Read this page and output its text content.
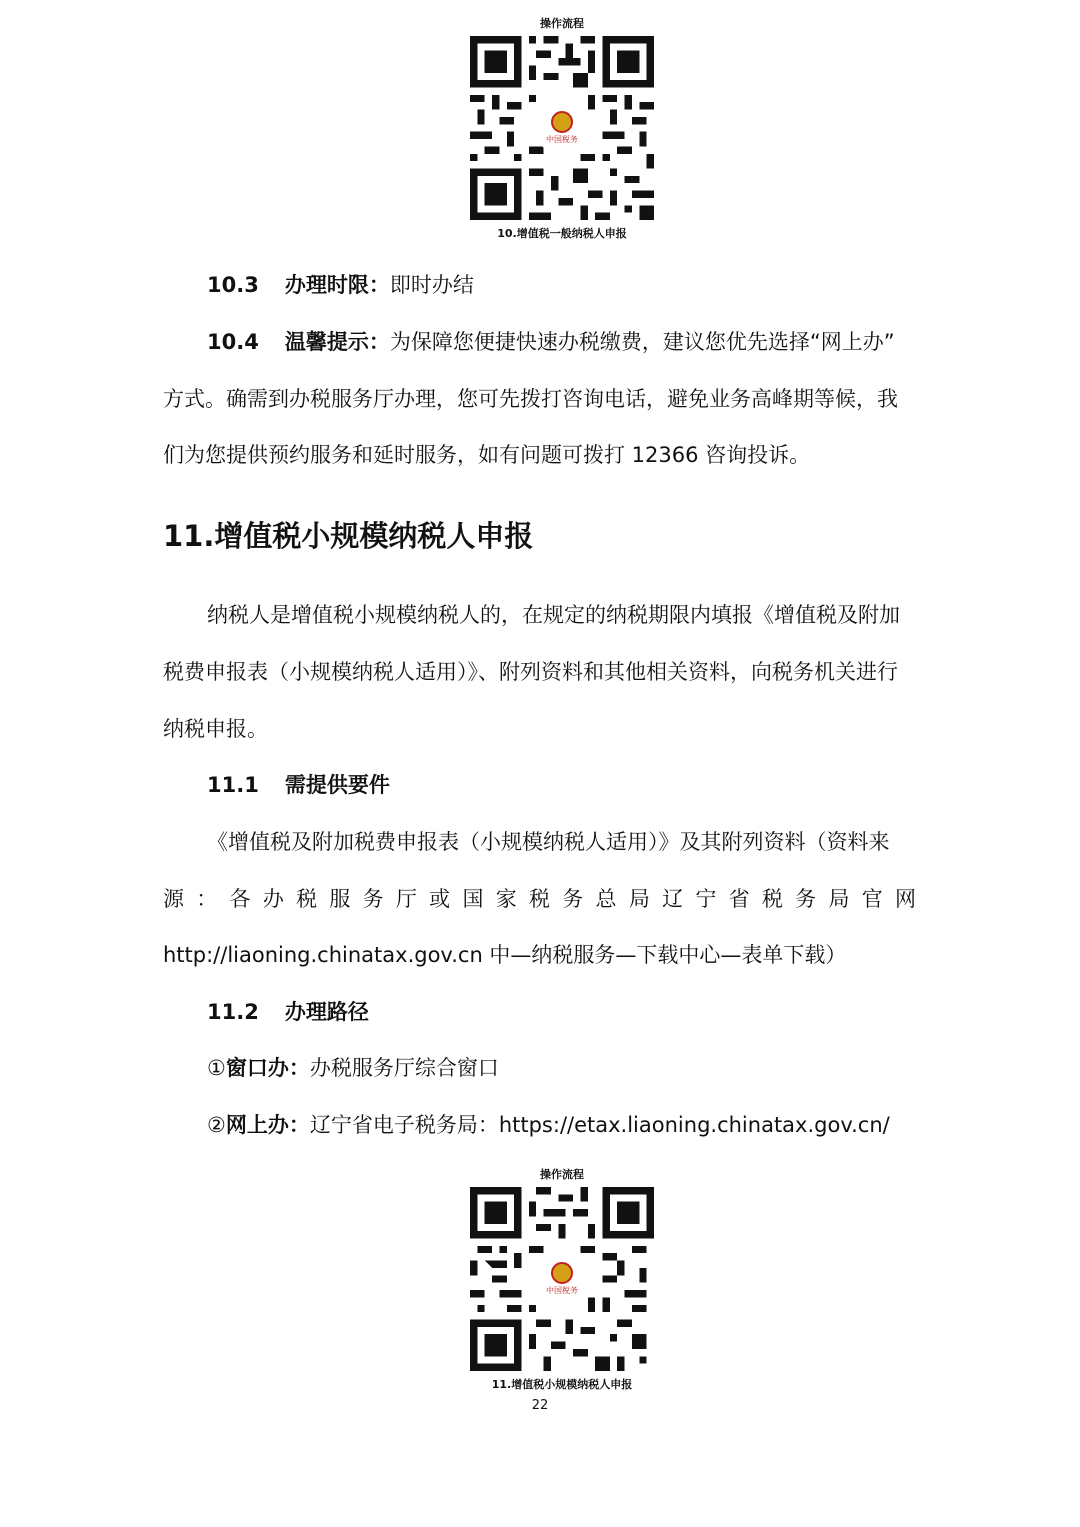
操作流程
中国税务
10.增值税一般纳税人申报
10.3 办理时限：即时办结
10.4 温馨提示：为保障您便捷快速办税缴费，建议您优先选择“网上办”
方式。确需到办税服务厅办理，您可先拨打咨询电话，避免业务高峰期等候，我
们为您提供预约服务和延时服务，如有问题可拨打 12366 咨询投诉。
11.增值税小规模纳税人申报
纳税人是增值税小规模纳税人的，在规定的纳税期限内填报《增值税及附加
税费申报表（小规模纳税人适用）》、附列资料和其他相关资料，向税务机关进行
纳税申报。
11.1 需提供要件
《增值税及附加税费申报表（小规模纳税人适用）》及其附列资料（资料来
源：各办税服务厅或国家税务总局辽宁省税务局官网
http://liaoning.chinatax.gov.cn 中—纳税服务—下载中心—表单下载）
11.2 办理路径
①窗口办：办税服务厅综合窗口
②网上办：辽宁省电子税务局：https://etax.liaoning.chinatax.gov.cn/
操作流程
中国税务
11.增值税小规模纳税人申报
22
